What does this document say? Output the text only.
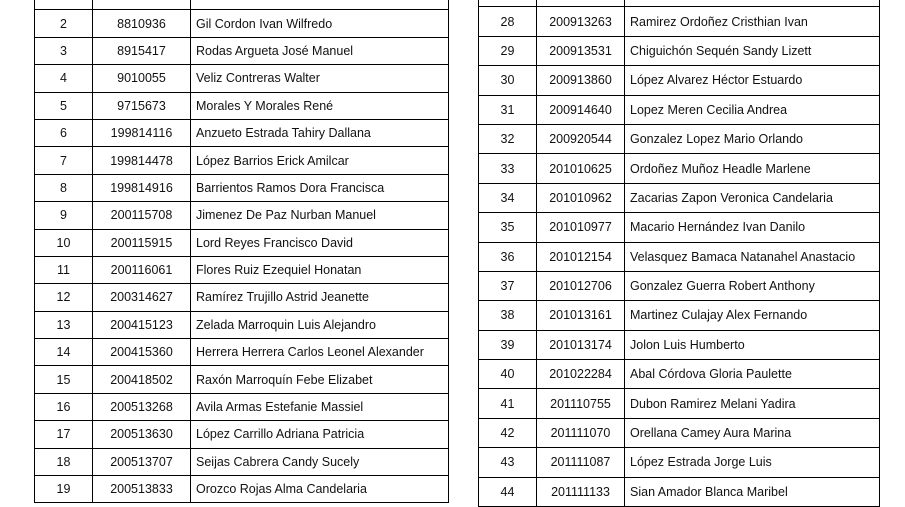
2	8810936	Gil Cordon Ivan Wilfredo
3	8915417	Rodas Argueta José Manuel
4	9010055	Veliz Contreras Walter
5	9715673	Morales Y Morales René
6	199814116	Anzueto Estrada Tahiry Dallana
7	199814478	López Barrios Erick Amilcar
8	199814916	Barrientos Ramos Dora Francisca
9	200115708	Jimenez De Paz Nurban Manuel
10	200115915	Lord Reyes Francisco David
11	200116061	Flores Ruiz Ezequiel Honatan
12	200314627	Ramírez Trujillo Astrid Jeanette
13	200415123	Zelada Marroquin Luis Alejandro
14	200415360	Herrera Herrera Carlos Leonel Alexander
15	200418502	Raxón Marroquín Febe Elizabet
16	200513268	Avila Armas Estefanie Massiel
17	200513630	López Carrillo Adriana Patricia
18	200513707	Seijas Cabrera Candy Sucely
19	200513833	Orozco Rojas Alma Candelaria

28	200913263	Ramirez Ordoñez Cristhian Ivan
29	200913531	Chiguichón Sequén Sandy Lizett
30	200913860	López Alvarez Héctor Estuardo
31	200914640	Lopez Meren Cecilia Andrea
32	200920544	Gonzalez Lopez Mario Orlando
33	201010625	Ordoñez Muñoz Headle Marlene
34	201010962	Zacarias Zapon Veronica Candelaria
35	201010977	Macario Hernández Ivan Danilo
36	201012154	Velasquez Bamaca Natanahel Anastacio
37	201012706	Gonzalez Guerra Robert Anthony
38	201013161	Martinez Culajay Alex Fernando
39	201013174	Jolon Luis Humberto
40	201022284	Abal Córdova Gloria Paulette
41	201110755	Dubon Ramirez Melani Yadira
42	201111070	Orellana Camey Aura Marina
43	201111087	López Estrada Jorge Luis
44	201111133	Sian Amador Blanca Maribel
